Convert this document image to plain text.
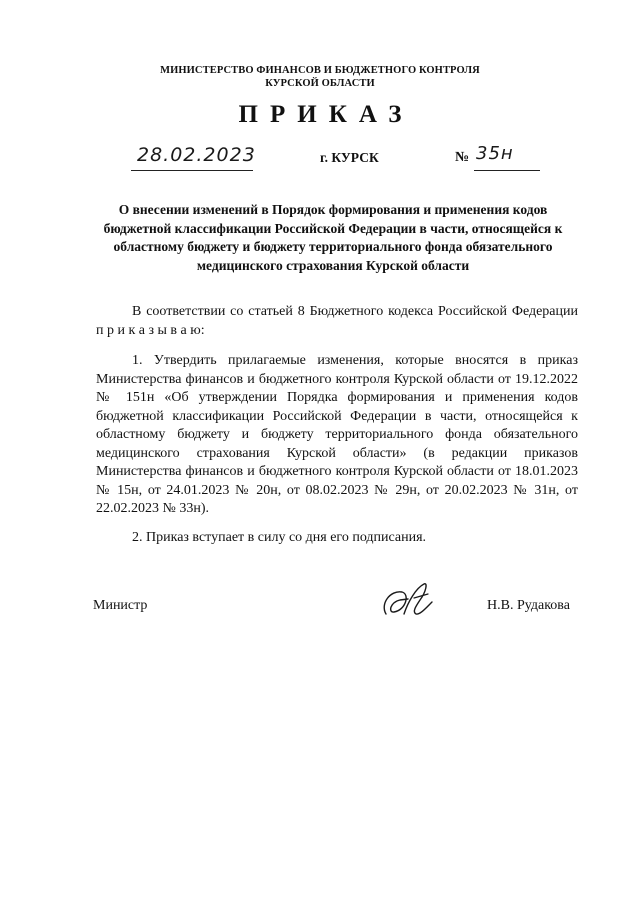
МИНИСТЕРСТВО ФИНАНСОВ И БЮДЖЕТНОГО КОНТРОЛЯ
КУРСКОЙ ОБЛАСТИ
ПРИКАЗ
28.02.2023	г. КУРСК	№ 35н
О внесении изменений в Порядок формирования и применения кодов бюджетной классификации Российской Федерации в части, относящейся к областному бюджету и бюджету территориального фонда обязательного медицинского страхования Курской области

В соответствии со статьей 8 Бюджетного кодекса Российской Федерации п р и к а з ы в а ю:

1. Утвердить прилагаемые изменения, которые вносятся в приказ Министерства финансов и бюджетного контроля Курской области от 19.12.2022 № 151н «Об утверждении Порядка формирования и применения кодов бюджетной классификации Российской Федерации в части, относящейся к областному бюджету и бюджету территориального фонда обязательного медицинского страхования Курской области» (в редакции приказов Министерства финансов и бюджетного контроля Курской области от 18.01.2023 № 15н, от 24.01.2023 № 20н, от 08.02.2023 № 29н, от 20.02.2023 № 31н, от 22.02.2023 № 33н).

2. Приказ вступает в силу со дня его подписания.

Министр	Н.В. Рудакова
